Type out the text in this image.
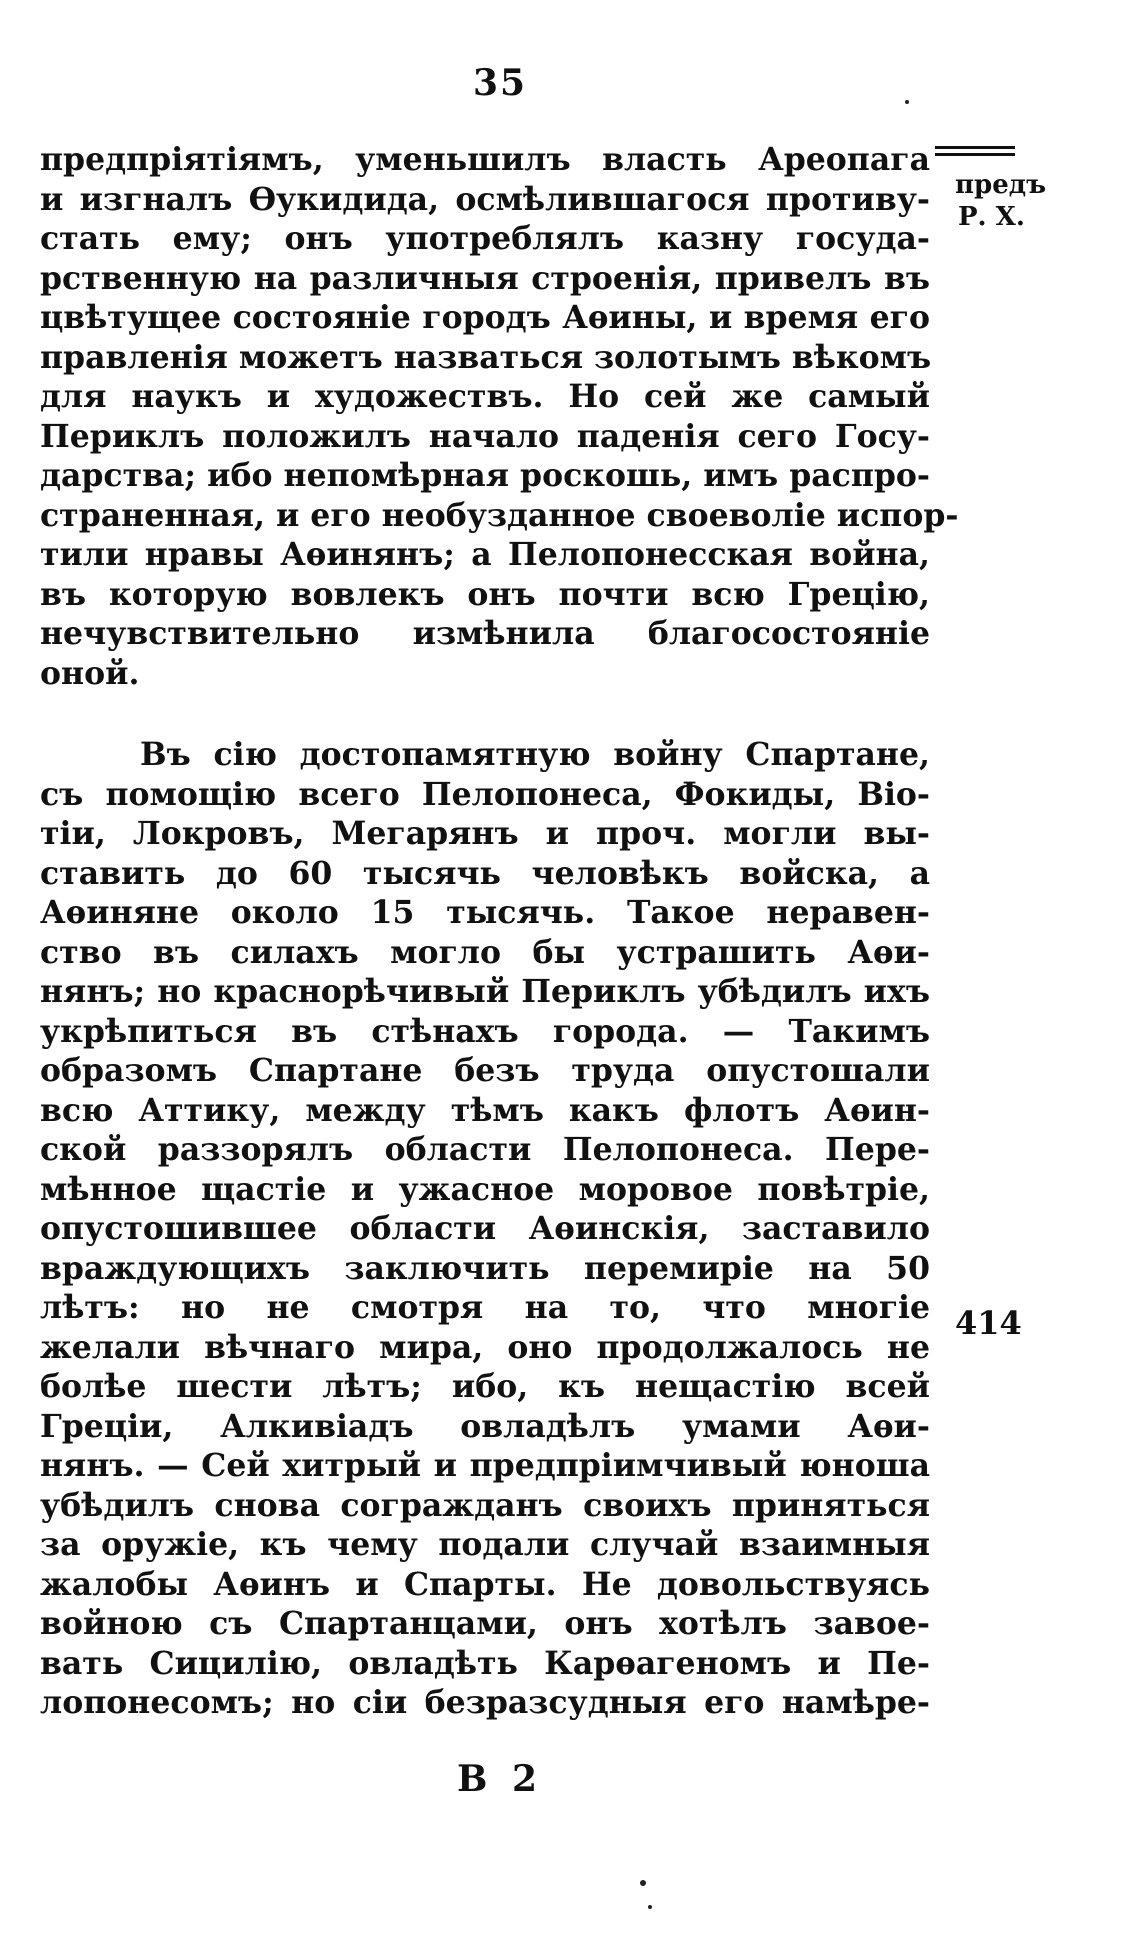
35
предъ
Р. Х.
414
предпріятіямъ, уменьшилъ власть Ареопага
и изгналъ Ѳукидида, осмѣлившагося противу-
стать ему; онъ употреблялъ казну госуда-
рственную на различныя строенія, привелъ въ
цвѣтущее состояніе городъ Аѳины, и время его
правленія можетъ назваться золотымъ вѣкомъ
для наукъ и художествъ. Но сей же самый
Периклъ положилъ начало паденія сего Госу-
дарства; ибо непомѣрная роскошь, имъ распро-
страненная, и его необузданное своеволіе испор-
тили нравы Аѳинянъ; а Пелопонесская война,
въ которую вовлекъ онъ почти всю Грецію,
нечувствительно измѣнила благосостояніе
оной.
Въ сію достопамятную войну Спартане,
съ помощію всего Пелопонеса, Фокиды, Віо-
тіи, Локровъ, Мегарянъ и проч. могли вы-
ставить до 60 тысячь человѣкъ войска, а
Аѳиняне около 15 тысячь. Такое неравен-
ство въ силахъ могло бы устрашить Аѳи-
нянъ; но краснорѣчивый Периклъ убѣдилъ ихъ
укрѣпиться въ стѣнахъ города. — Такимъ
образомъ Спартане безъ труда опустошали
всю Аттику, между тѣмъ какъ флотъ Аѳин-
ской раззорялъ области Пелопонеса. Пере-
мѣнное щастіе и ужасное моровое повѣтріе,
опустошившее области Аѳинскія, заставило
враждующихъ заключить перемиріе на 50
лѣтъ: но не смотря на то, что многіе
желали вѣчнаго мира, оно продолжалось не
болѣе шести лѣтъ; ибо, къ нещастію всей
Греціи, Алкивіадъ овладѣлъ умами Аѳи-
нянъ. — Сей хитрый и предпріимчивый юноша
убѣдилъ снова согражданъ своихъ приняться
за оружіе, къ чему подали случай взаимныя
жалобы Аѳинъ и Спарты. Не довольствуясь
войною съ Спартанцами, онъ хотѣлъ завое-
вать Сицилію, овладѣть Карѳагеномъ и Пе-
лопонесомъ; но сіи безразсудныя его намѣре-
В 2
